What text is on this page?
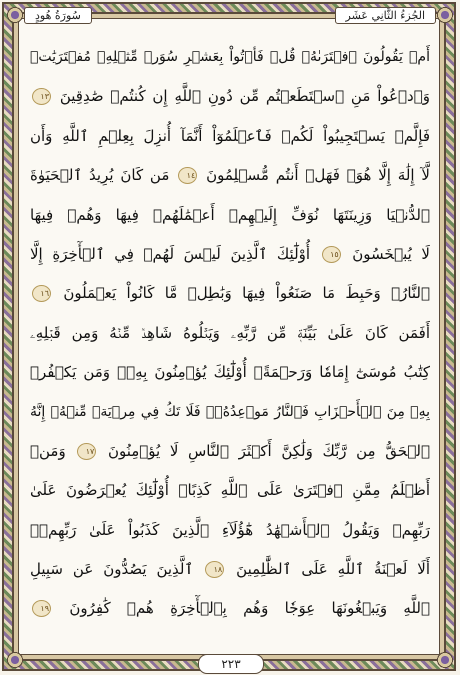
سُورَةُ هُودٍ	الجُزءُ الثَّانِي عَشَر
أَمۡ يَقُولُونَ ٱفۡتَرَىٰهُۖ قُلۡ فَأۡتُواْ بِعَشۡرِ سُوَرٖ مِّثۡلِهِۦ مُفۡتَرَيَٰتٖ
وَٱدۡعُواْ مَنِ ٱسۡتَطَعۡتُم مِّن دُونِ ٱللَّهِ إِن كُنتُمۡ صَٰدِقِينَ ١٣
فَإِلَّمۡ يَسۡتَجِيبُواْ لَكُمۡ فَٱعۡلَمُوٓاْ أَنَّمَآ أُنزِلَ بِعِلۡمِ ٱللَّهِ وَأَن
لَّآ إِلَٰهَ إِلَّا هُوَۖ فَهَلۡ أَنتُم مُّسۡلِمُونَ ١٤ مَن كَانَ يُرِيدُ ٱلۡحَيَوٰةَ
ٱلدُّنۡيَا وَزِينَتَهَا نُوَفِّ إِلَيۡهِمۡ أَعۡمَٰلَهُمۡ فِيهَا وَهُمۡ فِيهَا
لَا يُبۡخَسُونَ ١٥ أُوْلَٰٓئِكَ ٱلَّذِينَ لَيۡسَ لَهُمۡ فِي ٱلۡأٓخِرَةِ إِلَّا
ٱلنَّارُۖ وَحَبِطَ مَا صَنَعُواْ فِيهَا وَبَٰطِلٞ مَّا كَانُواْ يَعۡمَلُونَ ١٦
أَفَمَن كَانَ عَلَىٰ بَيِّنَةٖ مِّن رَّبِّهِۦ وَيَتۡلُوهُ شَاهِدٞ مِّنۡهُ وَمِن قَبۡلِهِۦ
كِتَٰبُ مُوسَىٰٓ إِمَامٗا وَرَحۡمَةًۚ أُوْلَٰٓئِكَ يُؤۡمِنُونَ بِهِۦۚ وَمَن يَكۡفُرۡ
بِهِۦ مِنَ ٱلۡأَحۡزَابِ فَٱلنَّارُ مَوۡعِدُهُۥۚ فَلَا تَكُ فِي مِرۡيَةٖ مِّنۡهُۚ إِنَّهُ
ٱلۡحَقُّ مِن رَّبِّكَ وَلَٰكِنَّ أَكۡثَرَ ٱلنَّاسِ لَا يُؤۡمِنُونَ ١٧ وَمَنۡ
أَظۡلَمُ مِمَّنِ ٱفۡتَرَىٰ عَلَى ٱللَّهِ كَذِبًاۚ أُوْلَٰٓئِكَ يُعۡرَضُونَ عَلَىٰ
رَبِّهِمۡ وَيَقُولُ ٱلۡأَشۡهَٰدُ هَٰٓؤُلَآءِ ٱلَّذِينَ كَذَبُواْ عَلَىٰ رَبِّهِمۡۚ
أَلَا لَعۡنَةُ ٱللَّهِ عَلَى ٱلظَّٰلِمِينَ ١٨ ٱلَّذِينَ يَصُدُّونَ عَن سَبِيلِ
ٱللَّهِ وَيَبۡغُونَهَا عِوَجٗا وَهُم بِٱلۡأٓخِرَةِ هُمۡ كَٰفِرُونَ ١٩
٢٢٣
